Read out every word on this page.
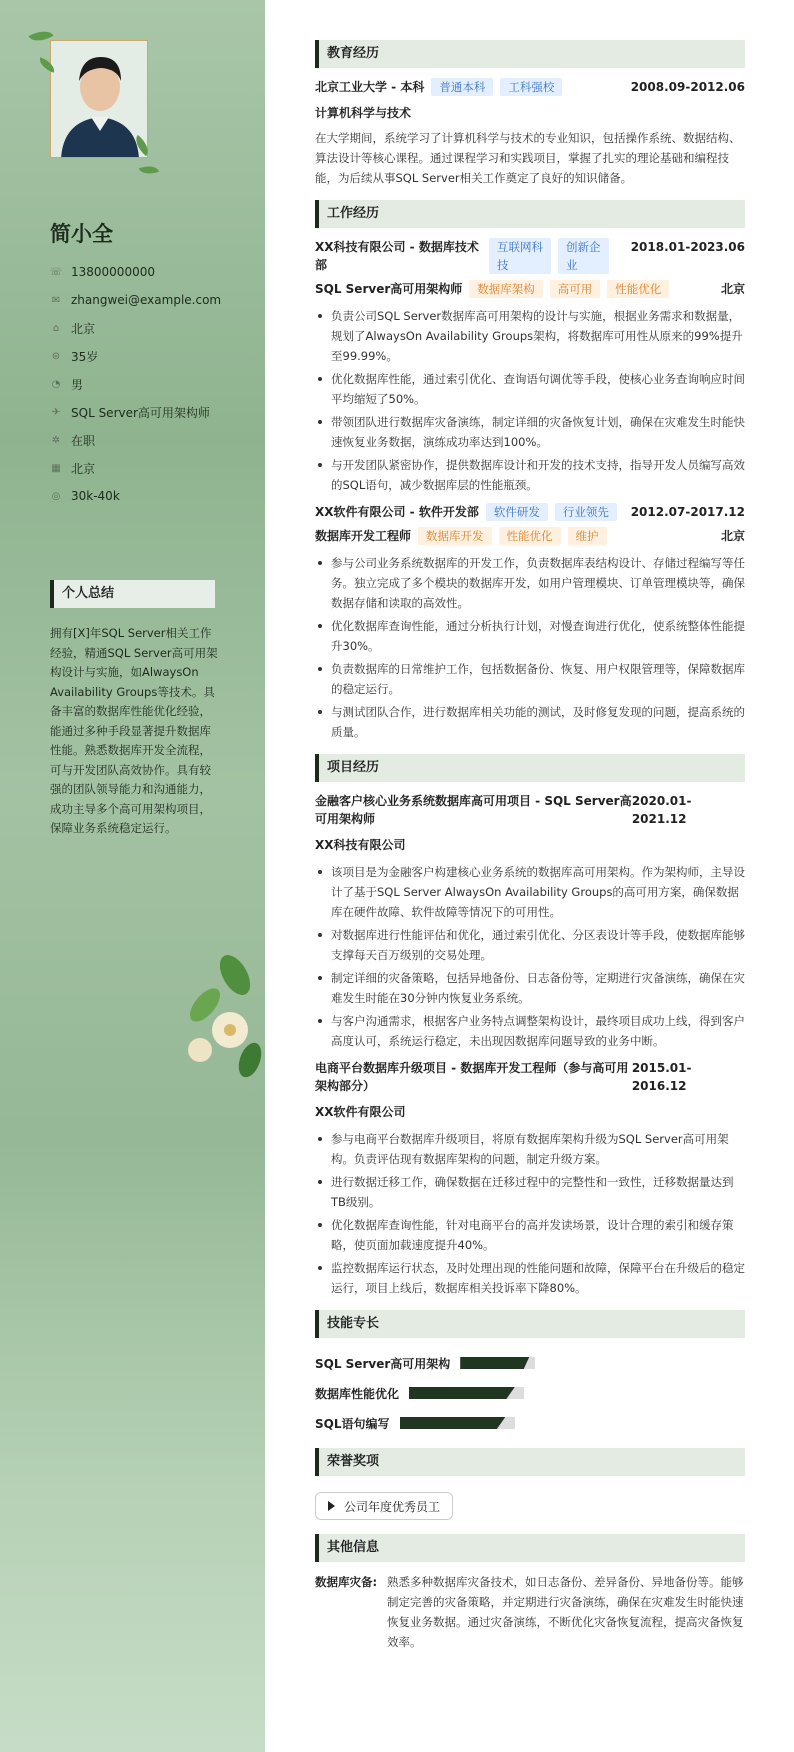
简小全
☏ 13800000000
✉ zhangwei@example.com
⌂ 北京
⊜ 35岁
◔ 男
✈ SQL Server高可用架构师
✲ 在职
▦ 北京
◎ 30k-40k
个人总结
拥有[X]年SQL Server相关工作经验，精通SQL Server高可用架构设计与实施，如AlwaysOn Availability Groups等技术。具备丰富的数据库性能优化经验，能通过多种手段显著提升数据库性能。熟悉数据库开发全流程，可与开发团队高效协作。具有较强的团队领导能力和沟通能力，成功主导多个高可用架构项目，保障业务系统稳定运行。
教育经历
北京工业大学 - 本科	普通本科	工科强校	2008.09-2012.06
计算机科学与技术
在大学期间，系统学习了计算机科学与技术的专业知识，包括操作系统、数据结构、算法设计等核心课程。通过课程学习和实践项目，掌握了扎实的理论基础和编程技能，为后续从事SQL Server相关工作奠定了良好的知识储备。
工作经历
XX科技有限公司 - 数据库技术
部
互联网科
技
创新企
业
2018.01-2023.06
SQL Server高可用架构师	数据库架构	高可用	性能优化	北京
负责公司SQL Server数据库高可用架构的设计与实施，根据业务需求和数据量，规划了AlwaysOn Availability Groups架构，将数据库可用性从原来的99%提升至99.99%。
优化数据库性能，通过索引优化、查询语句调优等手段，使核心业务查询响应时间平均缩短了50%。
带领团队进行数据库灾备演练，制定详细的灾备恢复计划，确保在灾难发生时能快速恢复业务数据，演练成功率达到100%。
与开发团队紧密协作，提供数据库设计和开发的技术支持，指导开发人员编写高效的SQL语句，减少数据库层的性能瓶颈。
XX软件有限公司 - 软件开发部	软件研发	行业领先	2012.07-2017.12
数据库开发工程师	数据库开发	性能优化	维护	北京
参与公司业务系统数据库的开发工作，负责数据库表结构设计、存储过程编写等任务。独立完成了多个模块的数据库开发，如用户管理模块、订单管理模块等，确保数据存储和读取的高效性。
优化数据库查询性能，通过分析执行计划，对慢查询进行优化，使系统整体性能提升30%。
负责数据库的日常维护工作，包括数据备份、恢复、用户权限管理等，保障数据库的稳定运行。
与测试团队合作，进行数据库相关功能的测试，及时修复发现的问题，提高系统的质量。
项目经历
金融客户核心业务系统数据库高可用项目 - SQL Server高
可用架构师
2020.01-2021.12
XX科技有限公司
该项目是为金融客户构建核心业务系统的数据库高可用架构。作为架构师，主导设计了基于SQL Server AlwaysOn Availability Groups的高可用方案，确保数据库在硬件故障、软件故障等情况下的可用性。
对数据库进行性能评估和优化，通过索引优化、分区表设计等手段，使数据库能够支撑每天百万级别的交易处理。
制定详细的灾备策略，包括异地备份、日志备份等，定期进行灾备演练，确保在灾难发生时能在30分钟内恢复业务系统。
与客户沟通需求，根据客户业务特点调整架构设计，最终项目成功上线，得到客户高度认可，系统运行稳定，未出现因数据库问题导致的业务中断。
电商平台数据库升级项目 - 数据库开发工程师（参与高可用
架构部分）
2015.01-2016.12
XX软件有限公司
参与电商平台数据库升级项目，将原有数据库架构升级为SQL Server高可用架构。负责评估现有数据库架构的问题，制定升级方案。
进行数据迁移工作，确保数据在迁移过程中的完整性和一致性，迁移数据量达到TB级别。
优化数据库查询性能，针对电商平台的高并发读场景，设计合理的索引和缓存策略，使页面加载速度提升40%。
监控数据库运行状态，及时处理出现的性能问题和故障，保障平台在升级后的稳定运行，项目上线后，数据库相关投诉率下降80%。
技能专长
SQL Server高可用架构
数据库性能优化
SQL语句编写
荣誉奖项
公司年度优秀员工
其他信息
数据库灾备: 熟悉多种数据库灾备技术，如日志备份、差异备份、异地备份等。能够制定完善的灾备策略，并定期进行灾备演练，确保在灾难发生时能快速恢复业务数据。通过灾备演练，不断优化灾备恢复流程，提高灾备恢复效率。
